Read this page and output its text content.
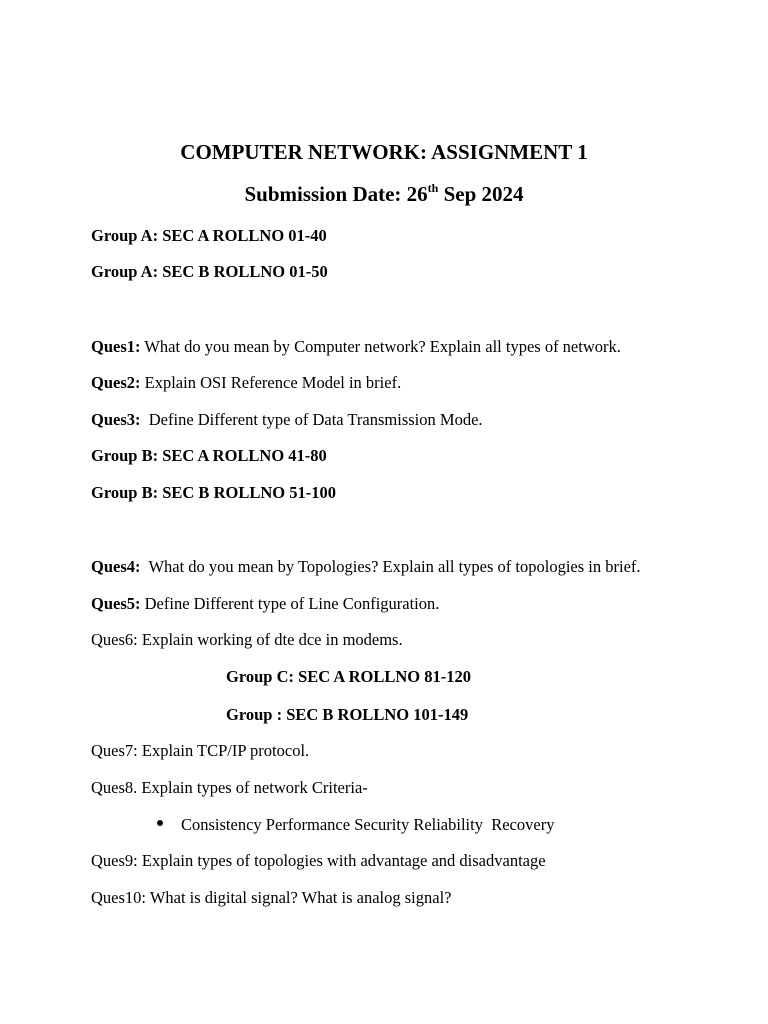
COMPUTER NETWORK: ASSIGNMENT 1
Submission Date: 26th Sep 2024
Group A: SEC A ROLLNO 01-40
Group A: SEC B ROLLNO 01-50
Ques1: What do you mean by Computer network? Explain all types of network.
Ques2: Explain OSI Reference Model in brief.
Ques3:  Define Different type of Data Transmission Mode.
Group B: SEC A ROLLNO 41-80
Group B: SEC B ROLLNO 51-100
Ques4:  What do you mean by Topologies? Explain all types of topologies in brief.
Ques5: Define Different type of Line Configuration.
Ques6: Explain working of dte dce in modems.
Group C: SEC A ROLLNO 81-120
Group : SEC B ROLLNO 101-149
Ques7: Explain TCP/IP protocol.
Ques8. Explain types of network Criteria-
Consistency Performance Security Reliability  Recovery
Ques9: Explain types of topologies with advantage and disadvantage
Ques10: What is digital signal? What is analog signal?
